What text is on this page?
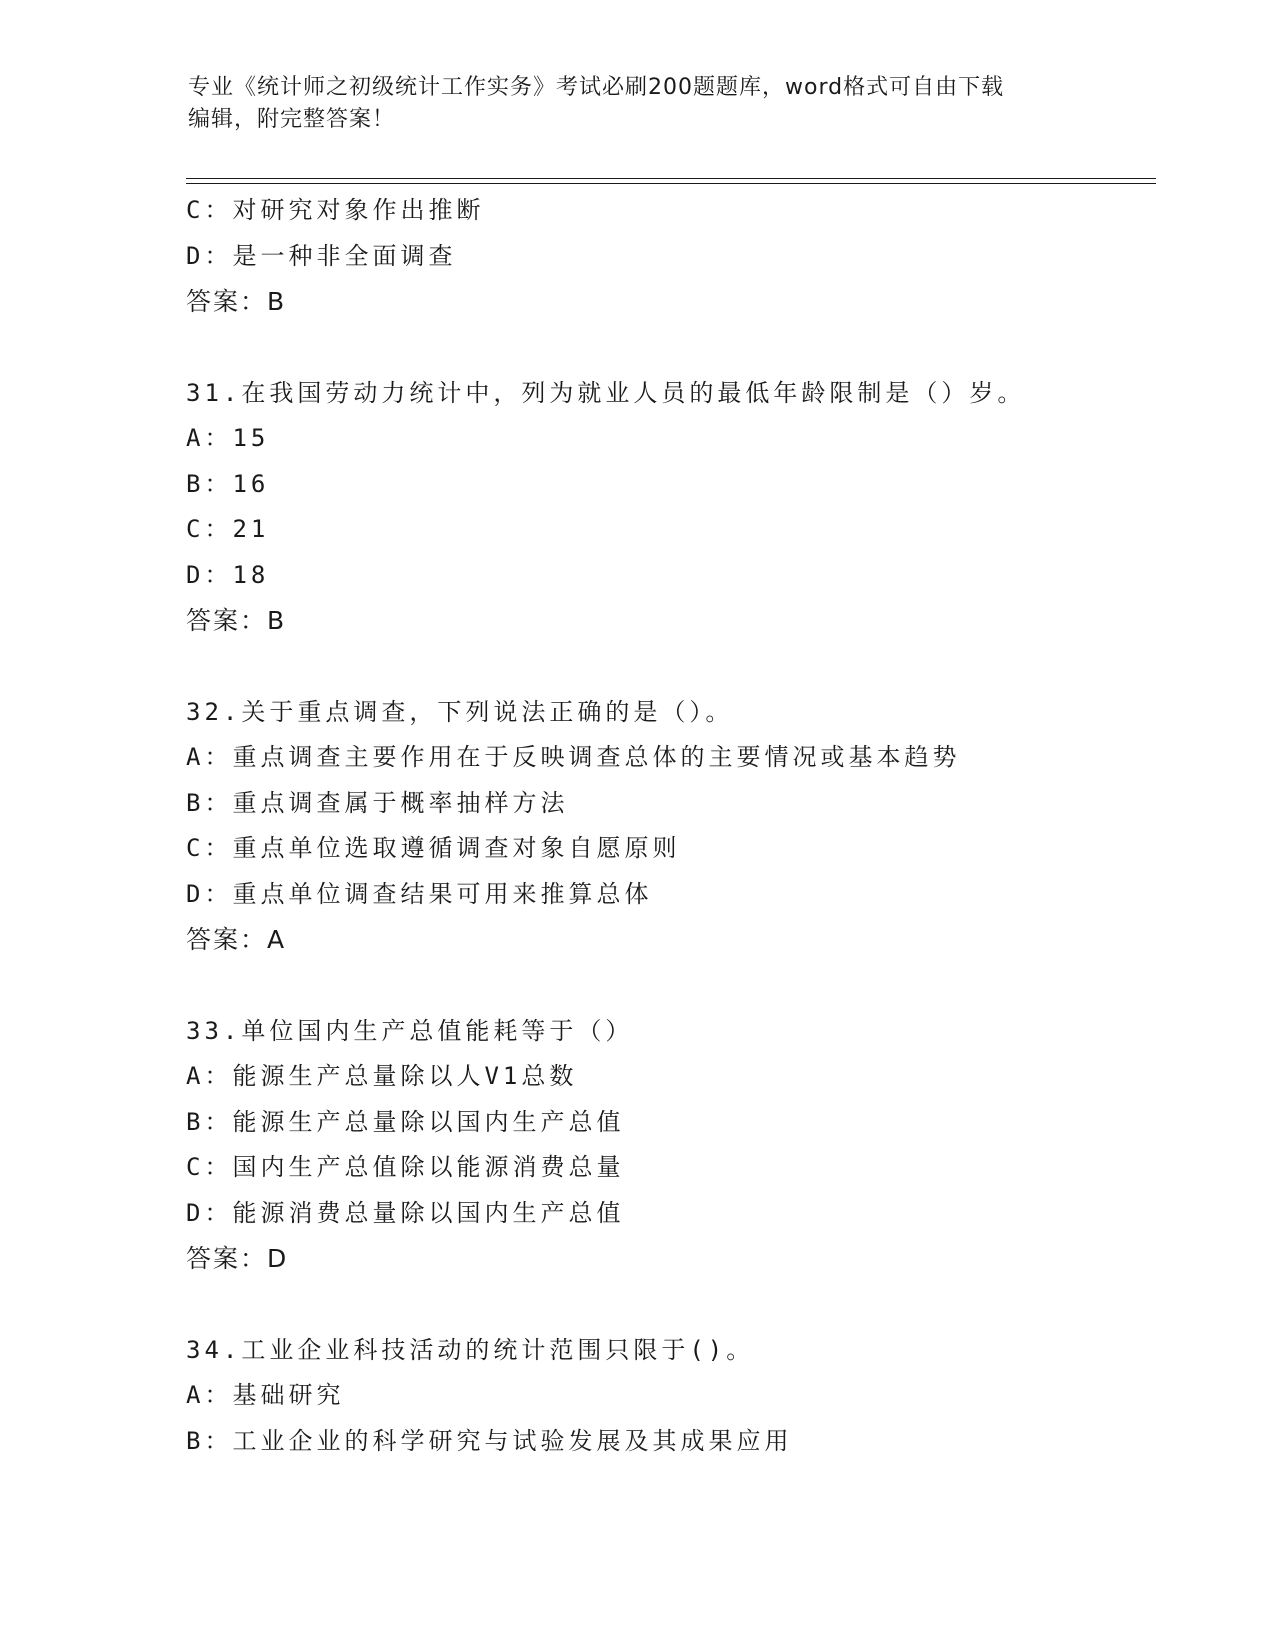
专业《统计师之初级统计工作实务》考试必刷200题题库，word格式可自由下载
编辑，附完整答案！
C：对研究对象作出推断
D：是一种非全面调查
答案：B
31.在我国劳动力统计中，列为就业人员的最低年龄限制是（）岁。
A：15
B：16
C：21
D：18
答案：B
32.关于重点调查，下列说法正确的是（）。
A：重点调查主要作用在于反映调查总体的主要情况或基本趋势
B：重点调查属于概率抽样方法
C：重点单位选取遵循调查对象自愿原则
D：重点单位调查结果可用来推算总体
答案：A
33.单位国内生产总值能耗等于（）
A：能源生产总量除以人V1总数
B：能源生产总量除以国内生产总值
C：国内生产总值除以能源消费总量
D：能源消费总量除以国内生产总值
答案：D
34.工业企业科技活动的统计范围只限于()。
A：基础研究
B：工业企业的科学研究与试验发展及其成果应用
